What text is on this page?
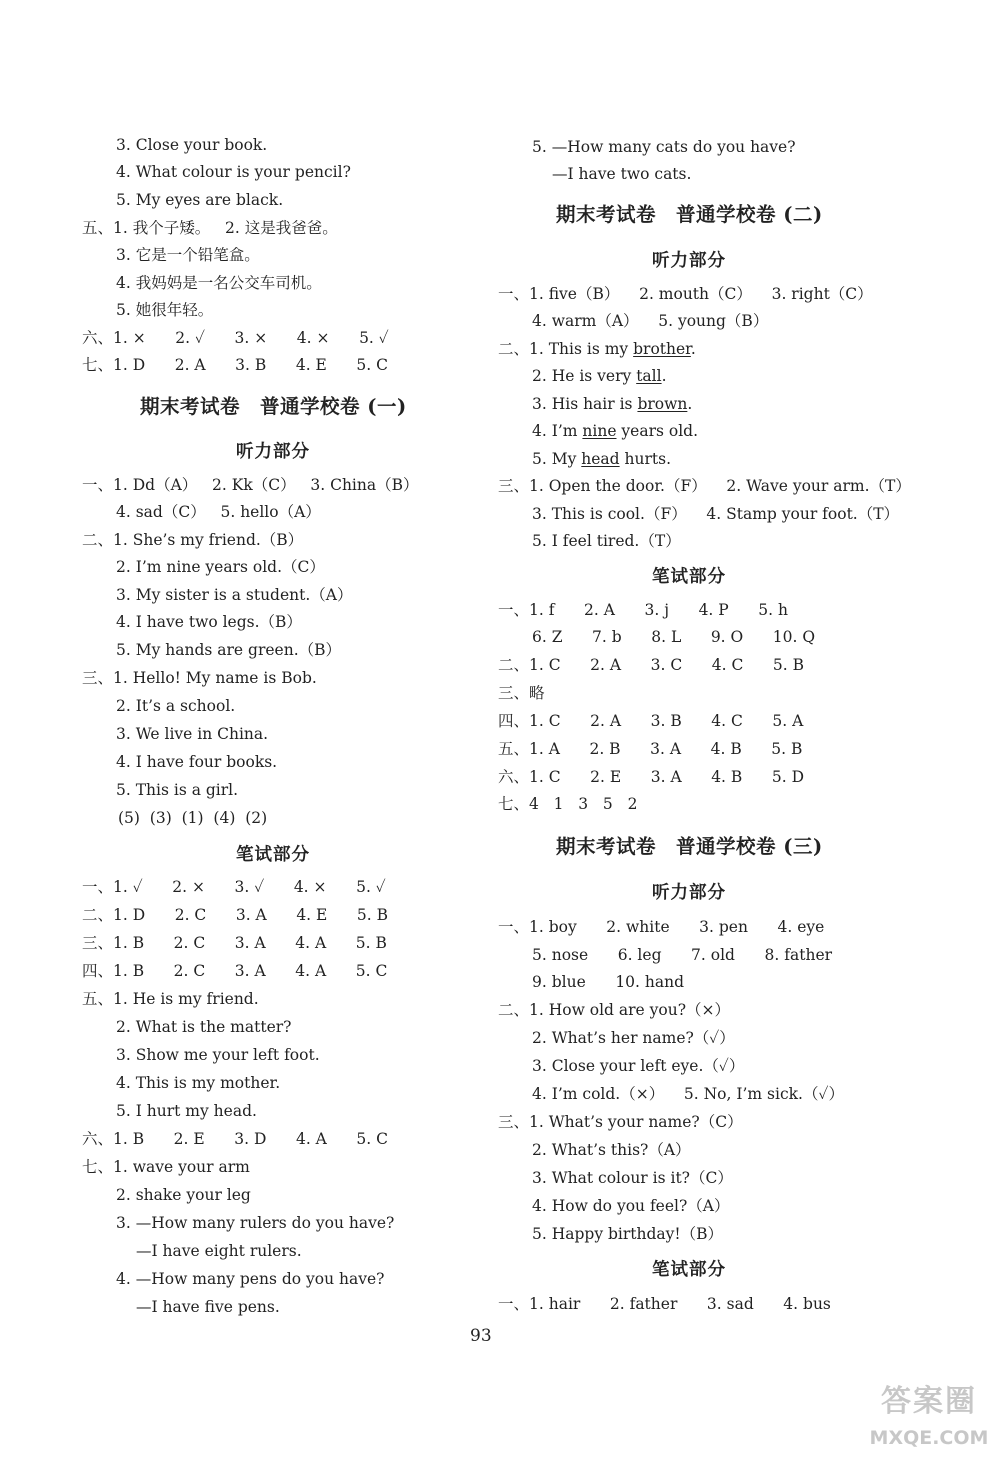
3. Close your book.
4. What colour is your pencil?
5. My eyes are black.
五、1. 我个子矮。   2. 这是我爸爸。
3. 它是一个铅笔盒。
4. 我妈妈是一名公交车司机。
5. 她很年轻。
六、1. ×      2. ✓      3. ×      4. ×      5. ✓
七、1. D      2. A      3. B      4. E      5. C
期末考试卷　普通学校卷 (一)
听力部分
一、1. Dd（A）   2. Kk（C）   3. China（B）
4. sad（C）   5. hello（A）
二、1. She’s my friend.（B）
2. I’m nine years old.（C）
3. My sister is a student.（A）
4. I have two legs.（B）
5. My hands are green.（B）
三、1. Hello! My name is Bob.
2. It’s a school.
3. We live in China.
4. I have four books.
5. This is a girl.
(5)  (3)  (1)  (4)  (2)
笔试部分
一、1. ✓      2. ×      3. ✓      4. ×      5. ✓
二、1. D      2. C      3. A      4. E      5. B
三、1. B      2. C      3. A      4. A      5. B
四、1. B      2. C      3. A      4. A      5. C
五、1. He is my friend.
2. What is the matter?
3. Show me your left foot.
4. This is my mother.
5. I hurt my head.
六、1. B      2. E      3. D      4. A      5. C
七、1. wave your arm
2. shake your leg
3. —How many rulers do you have?
—I have eight rulers.
4. —How many pens do you have?
—I have five pens.
5. —How many cats do you have?
—I have two cats.
期末考试卷　普通学校卷 (二)
听力部分
一、1. five（B）    2. mouth（C）    3. right（C）
4. warm（A）    5. young（B）
二、1. This is my brother.
2. He is very tall.
3. His hair is brown.
4. I’m nine years old.
5. My head hurts.
三、1. Open the door.（F）    2. Wave your arm.（T）
3. This is cool.（F）    4. Stamp your foot.（T）
5. I feel tired.（T）
笔试部分
一、1. f      2. A      3. j      4. P      5. h
6. Z      7. b      8. L      9. O      10. Q
二、1. C      2. A      3. C      4. C      5. B
三、略
四、1. C      2. A      3. B      4. C      5. A
五、1. A      2. B      3. A      4. B      5. B
六、1. C      2. E      3. A      4. B      5. D
七、4   1   3   5   2
期末考试卷　普通学校卷 (三)
听力部分
一、1. boy      2. white      3. pen      4. eye
5. nose      6. leg      7. old      8. father
9. blue      10. hand
二、1. How old are you?（×）
2. What’s her name?（✓）
3. Close your left eye.（✓）
4. I’m cold.（×）    5. No, I’m sick.（✓）
三、1. What’s your name?（C）
2. What’s this?（A）
3. What colour is it?（C）
4. How do you feel?（A）
5. Happy birthday!（B）
笔试部分
一、1. hair      2. father      3. sad      4. bus
93
答案圈
MXQE.COM
